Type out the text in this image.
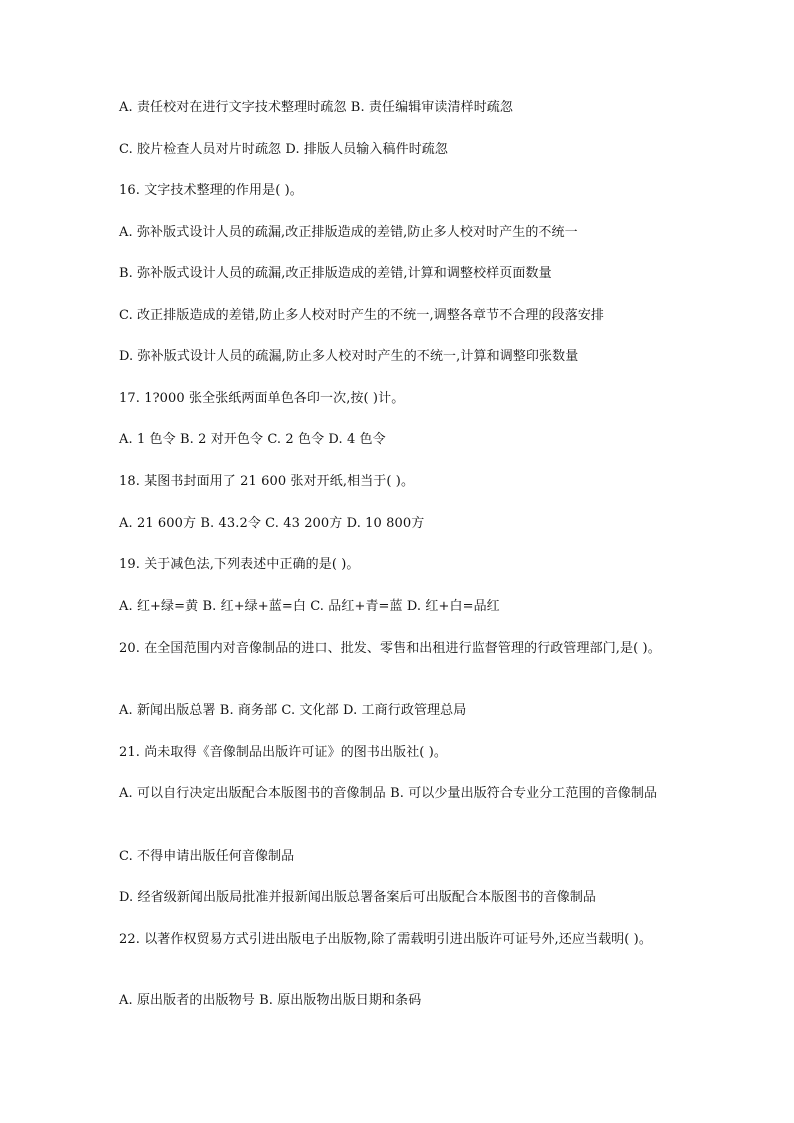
A. 责任校对在进行文字技术整理时疏忽 B. 责任编辑审读清样时疏忽
C. 胶片检查人员对片时疏忽 D. 排版人员输入稿件时疏忽
16. 文字技术整理的作用是( )。
A. 弥补版式设计人员的疏漏,改正排版造成的差错,防止多人校对时产生的不统一
B. 弥补版式设计人员的疏漏,改正排版造成的差错,计算和调整校样页面数量
C. 改正排版造成的差错,防止多人校对时产生的不统一,调整各章节不合理的段落安排
D. 弥补版式设计人员的疏漏,防止多人校对时产生的不统一,计算和调整印张数量
17. 1?000 张全张纸两面单色各印一次,按( )计。
A. 1 色令 B. 2 对开色令 C. 2 色令 D. 4 色令
18. 某图书封面用了 21 600 张对开纸,相当于( )。
A. 21 600方 B. 43.2令 C. 43 200方 D. 10 800方
19. 关于减色法,下列表述中正确的是( )。
A. 红+绿=黄 B. 红+绿+蓝=白 C. 品红+青=蓝 D. 红+白=品红
20. 在全国范围内对音像制品的进口、批发、零售和出租进行监督管理的行政管理部门,是( )。
A. 新闻出版总署 B. 商务部 C. 文化部 D. 工商行政管理总局
21. 尚未取得《音像制品出版许可证》的图书出版社( )。
A. 可以自行决定出版配合本版图书的音像制品 B. 可以少量出版符合专业分工范围的音像制品
C. 不得申请出版任何音像制品
D. 经省级新闻出版局批准并报新闻出版总署备案后可出版配合本版图书的音像制品
22. 以著作权贸易方式引进出版电子出版物,除了需载明引进出版许可证号外,还应当载明( )。
A. 原出版者的出版物号 B. 原出版物出版日期和条码
